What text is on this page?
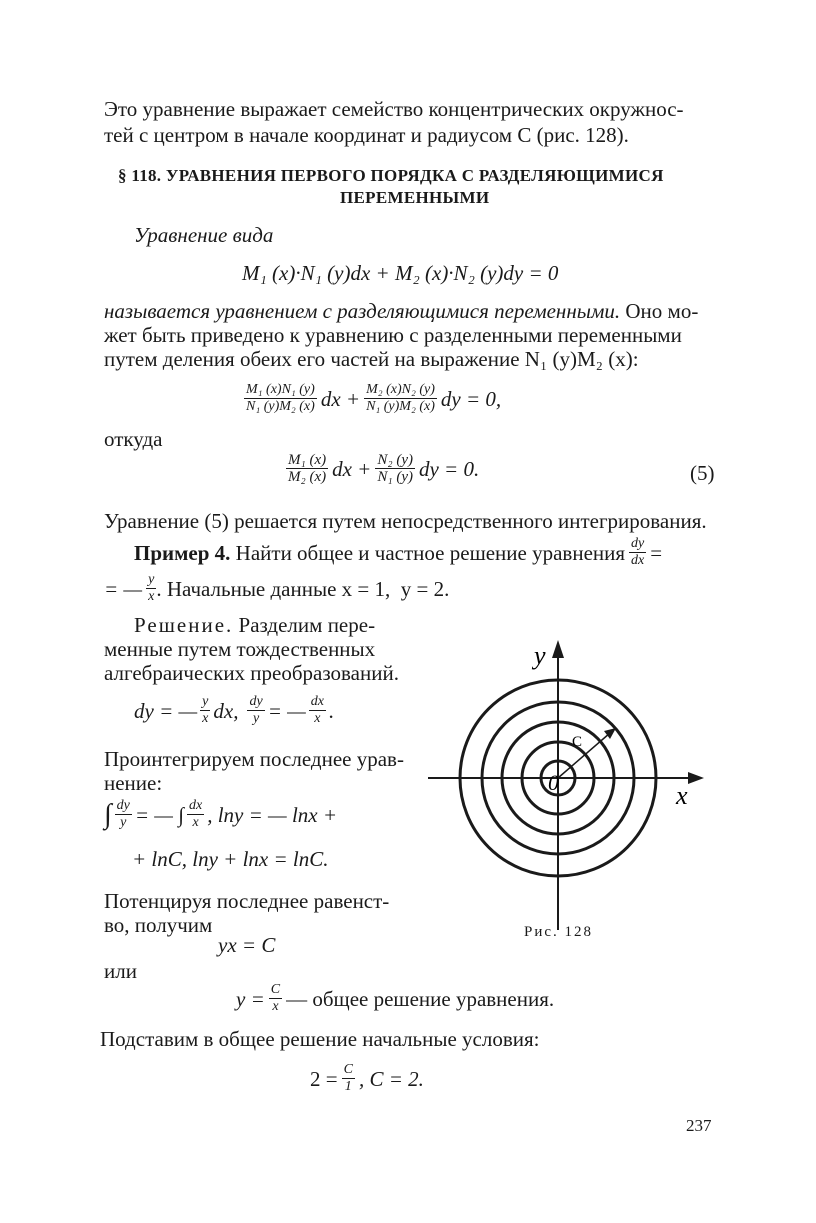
Это уравнение выражает семейство концентрических окружнос-
тей с центром в начале координат и радиусом C (рис. 128).
§ 118. УРАВНЕНИЯ ПЕРВОГО ПОРЯДКА С РАЗДЕЛЯЮЩИМИСЯ
ПЕРЕМЕННЫМИ
Уравнение вида
M₁ (x)·N₁ (y)dx + M₂ (x)·N₂ (y)dy = 0
называется уравнением с разделяющимися переменными. Оно мо-
жет быть приведено к уравнению с разделенными переменными
путем деления обеих его частей на выражение N₁ (y)M₂ (x):
$\frac{\text{M₁ (x)N₁ (y)}}{\text{N₁ (y)M₂ (x)}}$ dx + $\frac{\text{M₂ (x)N₂ (y)}}{\text{N₁ (y)M₂ (x)}}$ dy = 0,
откуда
$\frac{\text{M₁ (x)}}{\text{M₂ (x)}}$ dx + $\frac{\text{N₂ (y)}}{\text{N₁ (y)}}$ dy = 0.	(5)
Уравнение (5) решается путем непосредственного интегрирования.
Пример 4. Найти общее и частное решение уравнения $\frac{dy}{dx}$ =
= — $\frac{y}{x}$ . Начальные данные x = 1,  y = 2.
Решение. Разделим пере-
менные путем тождественных
алгебраических преобразований.
dy = — $\frac{y}{x}$ dx, $\frac{dy}{y}$ = — $\frac{dx}{x}$ .
Проинтегрируем последнее урав-
нение:
∫ $\frac{dy}{y}$ = — ∫ $\frac{dx}{x}$ , lny = — lnx +
+ lnC, lny + lnx = lnC.
Потенцируя последнее равенст-
во, получим
yx = C
или
$y = \frac{C}{x}$ — общее решение уравнения.
Подставим в общее решение начальные условия:
$2 = \frac{C}{1}$ , C = 2.
y
x
0
C
Рис. 128
237
